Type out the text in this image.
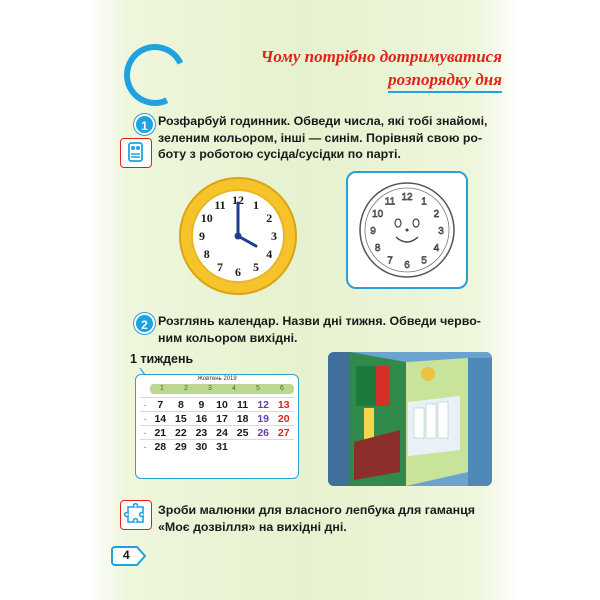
Чому потрібно дотримуватися
розпорядку дня
1 Розфарбуй годинник. Обведи числа, які тобі знайомі,
зеленим кольором, інші — синім. Порівняй свою ро-
боту з роботою сусіда/сусідки по парті.
12 1
2
3
4
5
6
7
8
9
10
11
12 1
2
3
4
5
6
7
8
9
10
11
2 Розглянь календар. Назви дні тижня. Обведи черво-
ним кольором вихідні.
1 тиждень
Жовтень 2019
1	2	3	4	5	6
-	7	8	9	10 11 12 13
- 14 15 16 17 18 19 20
- 21 22 23 24 25 26 27
- 28 29 30 31
Зроби малюнки для власного лепбука для гаманця
«Моє дозвілля» на вихідні дні.
4
